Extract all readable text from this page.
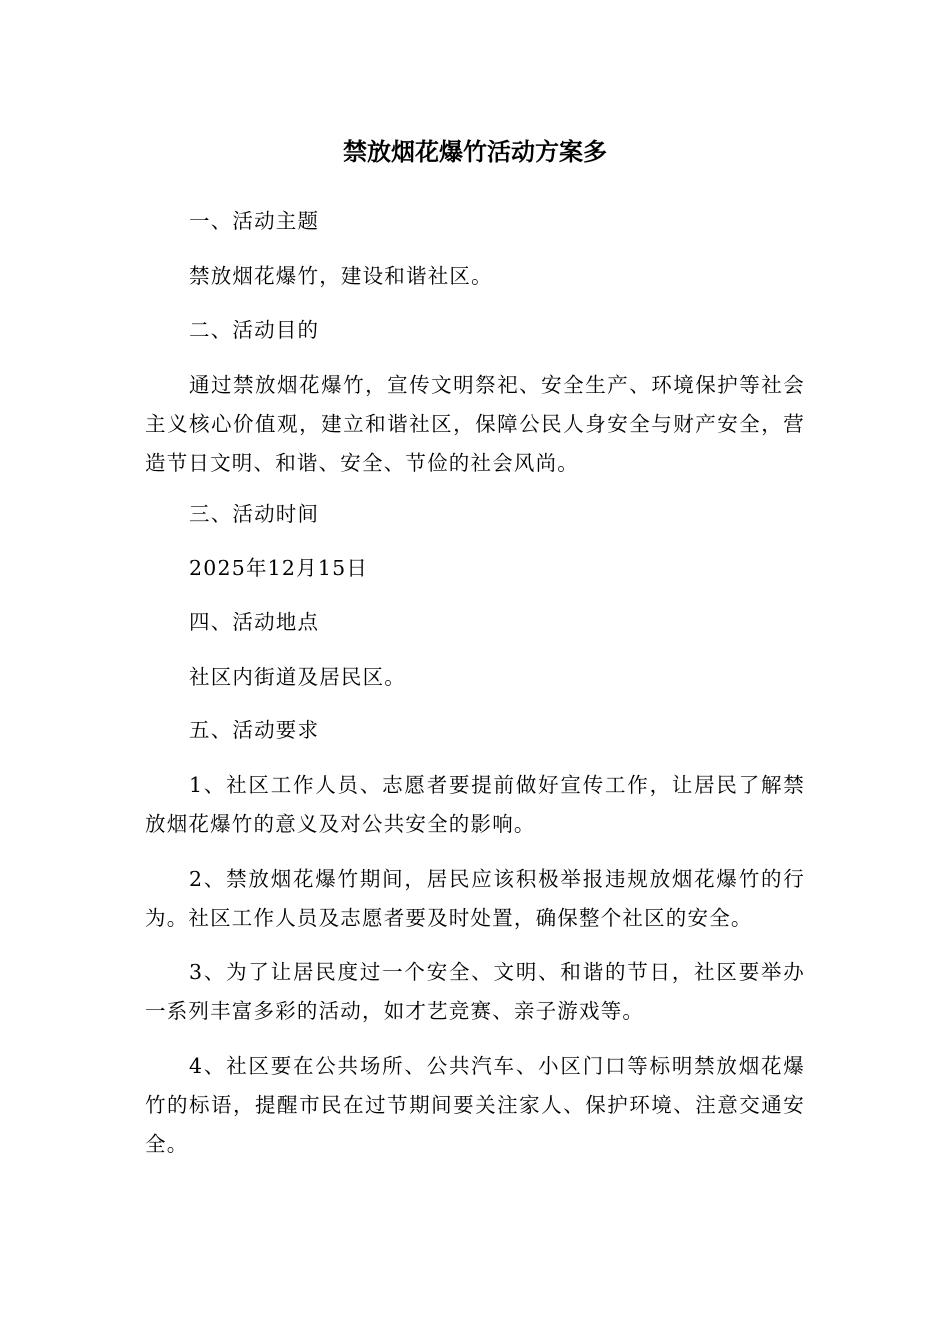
禁放烟花爆竹活动方案多

一、活动主题

禁放烟花爆竹，建设和谐社区。

二、活动目的

通过禁放烟花爆竹，宣传文明祭祀、安全生产、环境保护等社会主义核心价值观，建立和谐社区，保障公民人身安全与财产安全，营造节日文明、和谐、安全、节俭的社会风尚。

三、活动时间

2025年12月15日

四、活动地点

社区内街道及居民区。

五、活动要求

1、社区工作人员、志愿者要提前做好宣传工作，让居民了解禁放烟花爆竹的意义及对公共安全的影响。

2、禁放烟花爆竹期间，居民应该积极举报违规放烟花爆竹的行为。社区工作人员及志愿者要及时处置，确保整个社区的安全。

3、为了让居民度过一个安全、文明、和谐的节日，社区要举办一系列丰富多彩的活动，如才艺竞赛、亲子游戏等。

4、社区要在公共场所、公共汽车、小区门口等标明禁放烟花爆竹的标语，提醒市民在过节期间要关注家人、保护环境、注意交通安全。
